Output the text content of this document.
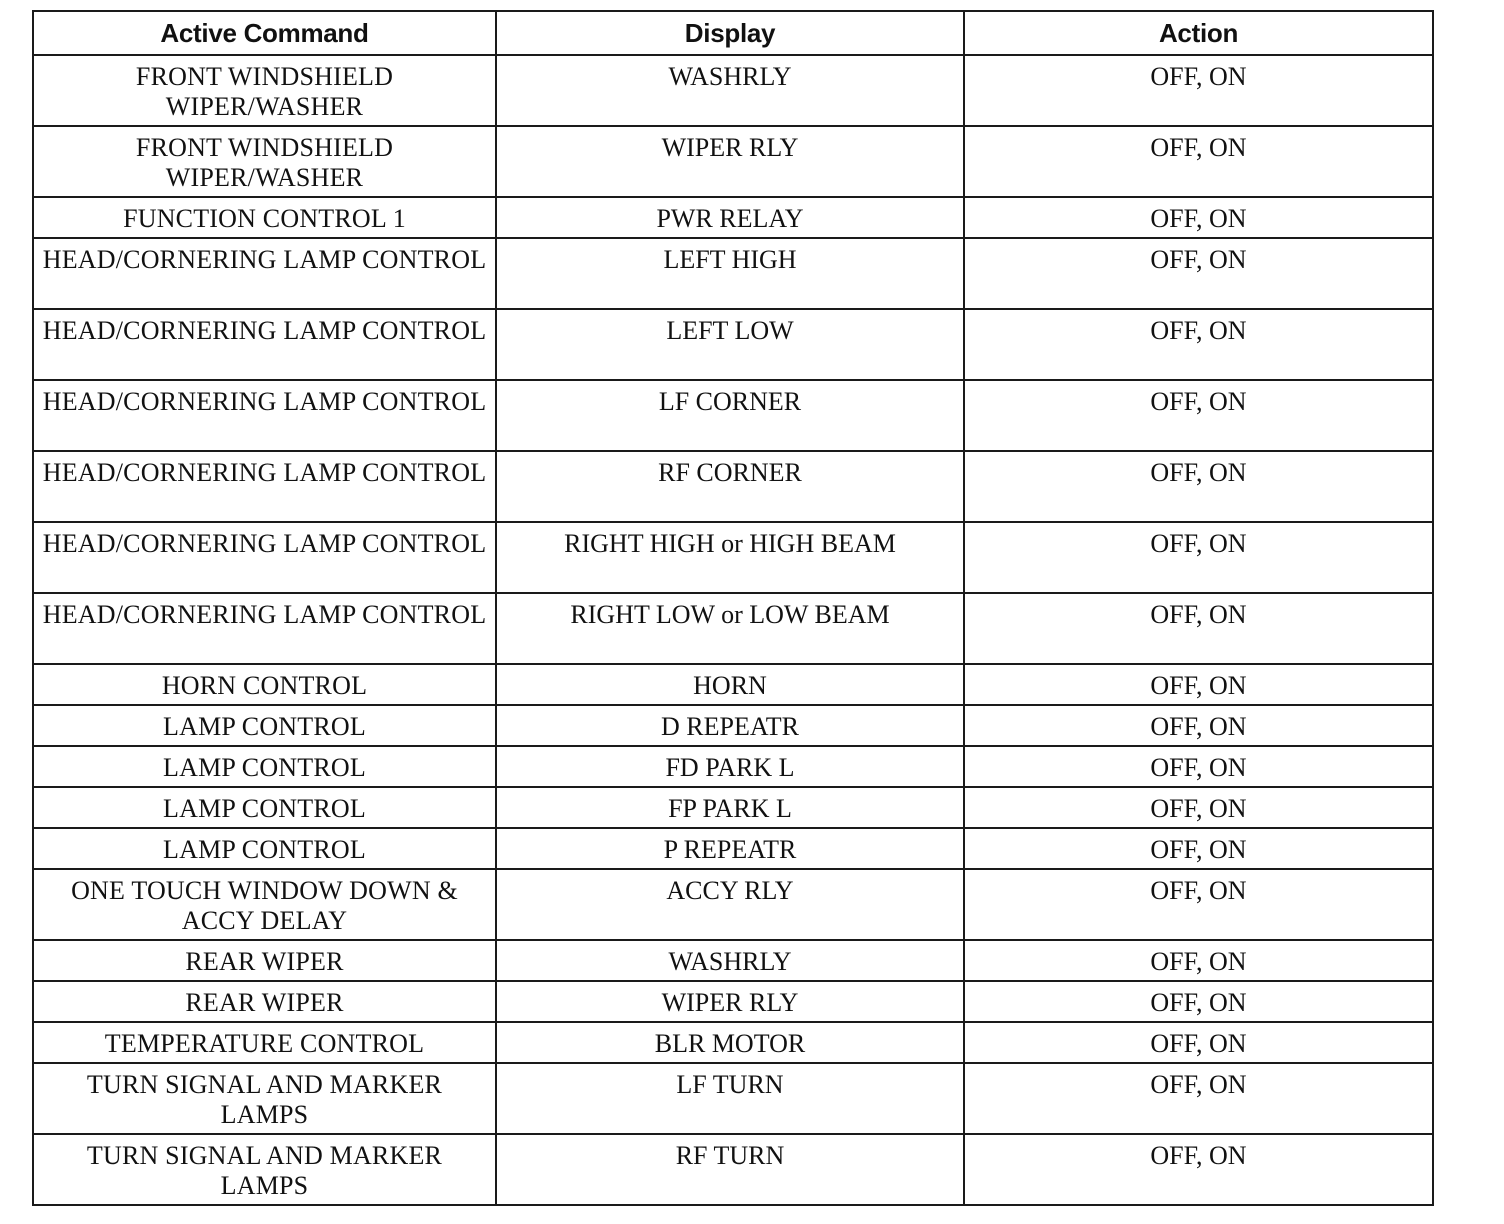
Active Command	Display	Action
FRONT WINDSHIELD WIPER/WASHER	WASHRLY	OFF, ON
FRONT WINDSHIELD WIPER/WASHER	WIPER RLY	OFF, ON
FUNCTION CONTROL 1	PWR RELAY	OFF, ON
HEAD/CORNERING LAMP CONTROL	LEFT HIGH	OFF, ON
HEAD/CORNERING LAMP CONTROL	LEFT LOW	OFF, ON
HEAD/CORNERING LAMP CONTROL	LF CORNER	OFF, ON
HEAD/CORNERING LAMP CONTROL	RF CORNER	OFF, ON
HEAD/CORNERING LAMP CONTROL	RIGHT HIGH or HIGH BEAM	OFF, ON
HEAD/CORNERING LAMP CONTROL	RIGHT LOW or LOW BEAM	OFF, ON
HORN CONTROL	HORN	OFF, ON
LAMP CONTROL	D REPEATR	OFF, ON
LAMP CONTROL	FD PARK L	OFF, ON
LAMP CONTROL	FP PARK L	OFF, ON
LAMP CONTROL	P REPEATR	OFF, ON
ONE TOUCH WINDOW DOWN & ACCY DELAY	ACCY RLY	OFF, ON
REAR WIPER	WASHRLY	OFF, ON
REAR WIPER	WIPER RLY	OFF, ON
TEMPERATURE CONTROL	BLR MOTOR	OFF, ON
TURN SIGNAL AND MARKER LAMPS	LF TURN	OFF, ON
TURN SIGNAL AND MARKER LAMPS	RF TURN	OFF, ON
